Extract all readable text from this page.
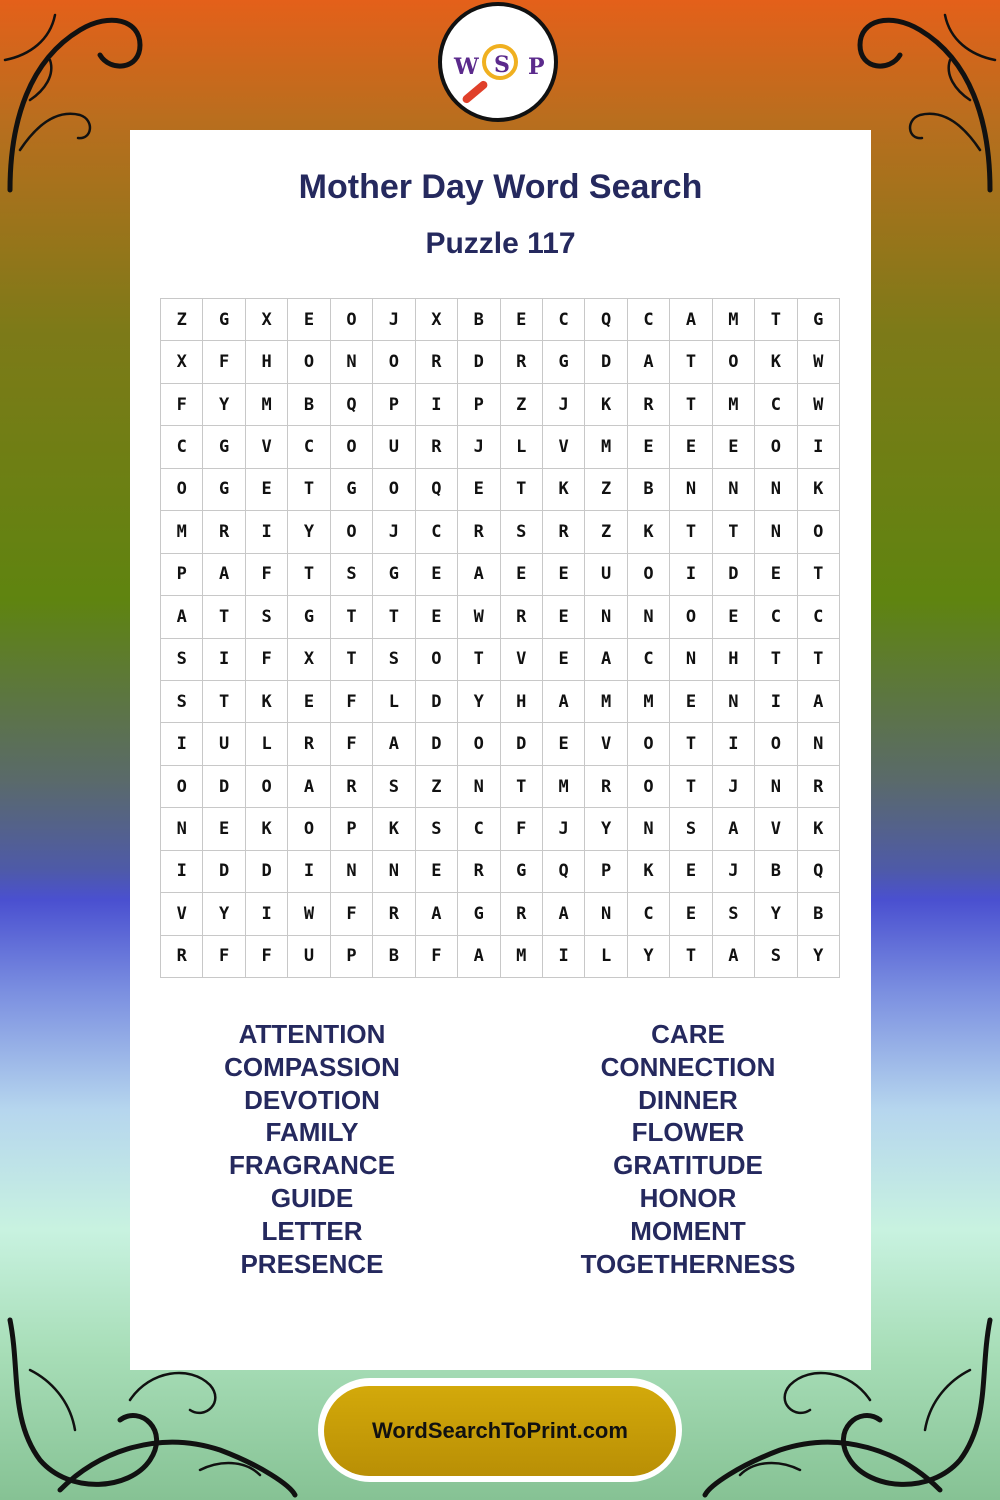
W S P
Mother Day Word Search
Puzzle 117
Z	G	X	E	O	J	X	B	E	C	Q	C	A	M	T	G
X	F	H	O	N	O	R	D	R	G	D	A	T	O	K	W
F	Y	M	B	Q	P	I	P	Z	J	K	R	T	M	C	W
C	G	V	C	O	U	R	J	L	V	M	E	E	E	O	I
O	G	E	T	G	O	Q	E	T	K	Z	B	N	N	N	K
M	R	I	Y	O	J	C	R	S	R	Z	K	T	T	N	O
P	A	F	T	S	G	E	A	E	E	U	O	I	D	E	T
A	T	S	G	T	T	E	W	R	E	N	N	O	E	C	C
S	I	F	X	T	S	O	T	V	E	A	C	N	H	T	T
S	T	K	E	F	L	D	Y	H	A	M	M	E	N	I	A
I	U	L	R	F	A	D	O	D	E	V	O	T	I	O	N
O	D	O	A	R	S	Z	N	T	M	R	O	T	J	N	R
N	E	K	O	P	K	S	C	F	J	Y	N	S	A	V	K
I	D	D	I	N	N	E	R	G	Q	P	K	E	J	B	Q
V	Y	I	W	F	R	A	G	R	A	N	C	E	S	Y	B
R	F	F	U	P	B	F	A	M	I	L	Y	T	A	S	Y
ATTENTION
COMPASSION
DEVOTION
FAMILY
FRAGRANCE
GUIDE
LETTER
PRESENCE
CARE
CONNECTION
DINNER
FLOWER
GRATITUDE
HONOR
MOMENT
TOGETHERNESS
WordSearchToPrint.com
